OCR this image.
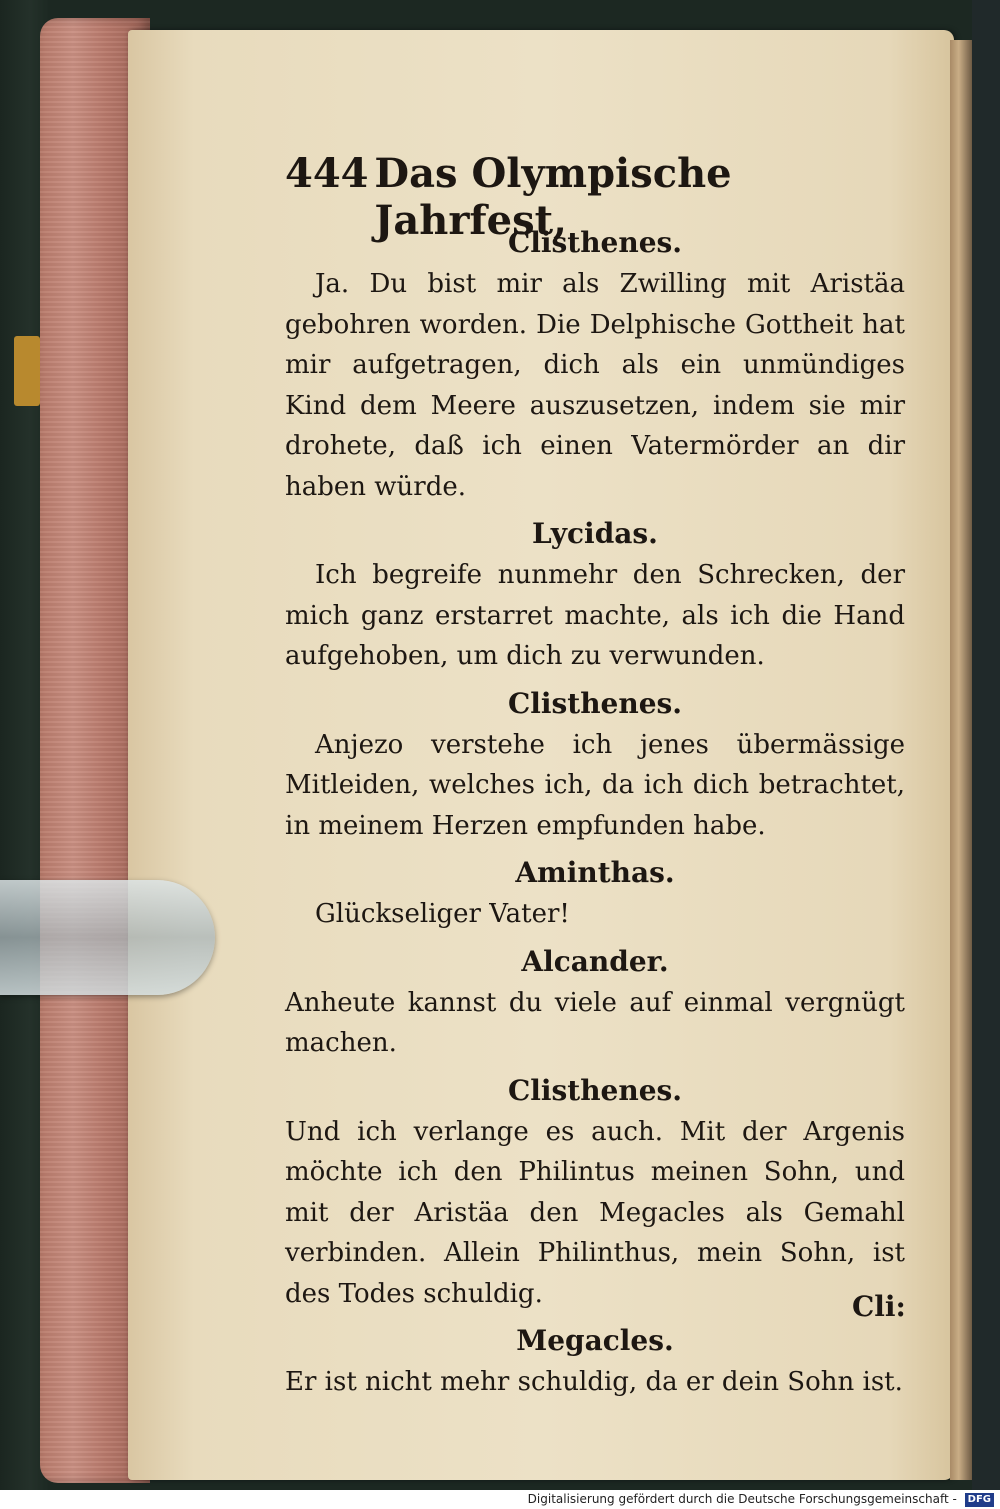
444 Das Olympische Jahrfest,
Clisthenes.
Ja. Du bist mir als Zwilling mit Aristäa gebohren worden. Die Delphische Gottheit hat mir aufgetragen, dich als ein unmündiges Kind dem Meere auszusetzen, indem sie mir drohete, daß ich einen Vatermörder an dir haben würde.
Lycidas.
Ich begreife nunmehr den Schrecken, der mich ganz erstarret machte, als ich die Hand aufgehoben, um dich zu verwunden.
Clisthenes.
Anjezo verstehe ich jenes übermässige Mitleiden, welches ich, da ich dich betrachtet, in meinem Herzen empfunden habe.
Aminthas.
Glückseliger Vater!
Alcander.
Anheute kannst du viele auf einmal vergnügt machen.
Clisthenes.
Und ich verlange es auch. Mit der Argenis möchte ich den Philintus meinen Sohn, und mit der Aristäa den Megacles als Gemahl verbinden. Allein Philinthus, mein Sohn, ist des Todes schuldig.
Megacles.
Er ist nicht mehr schuldig, da er dein Sohn ist.
Cli:
Digitalisierung gefördert durch die Deutsche Forschungsgemeinschaft - DFG
